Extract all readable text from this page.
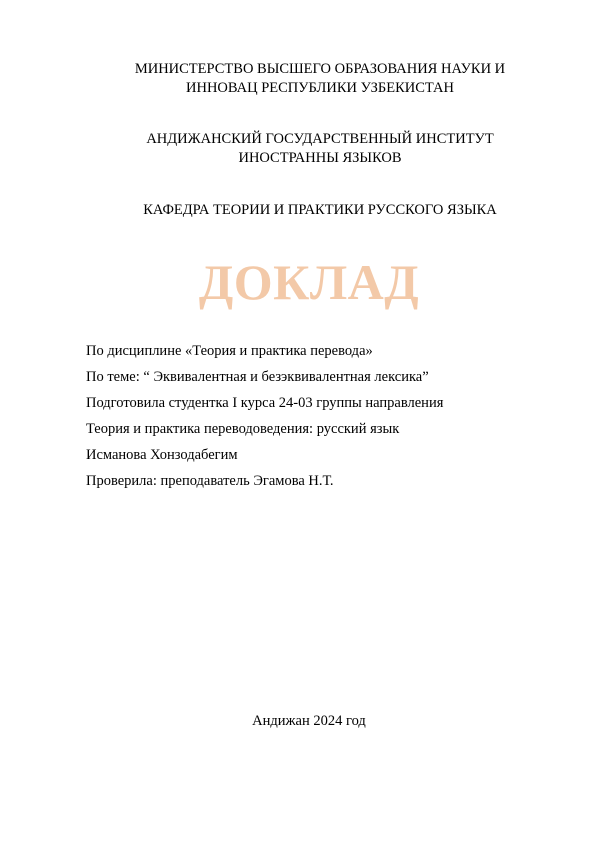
МИНИСТЕРСТВО ВЫСШЕГО ОБРАЗОВАНИЯ НАУКИ И
ИННОВАЦ РЕСПУБЛИКИ УЗБЕКИСТАН
АНДИЖАНСКИЙ ГОСУДАРСТВЕННЫЙ ИНСТИТУТ
ИНОСТРАННЫ ЯЗЫКОВ
КАФЕДРА ТЕОРИИ И ПРАКТИКИ РУССКОГО ЯЗЫКА
ДОКЛАД

По дисциплине «Теория и практика перевода»

По теме: “ Эквивалентная и безэквивалентная лексика”

Подготовила студентка I курса 24-03 группы направления

Теория и практика переводоведения: русский язык

Исманова Хонзодабегим

Проверила: преподаватель Эгамова Н.Т.

Андижан 2024 год
